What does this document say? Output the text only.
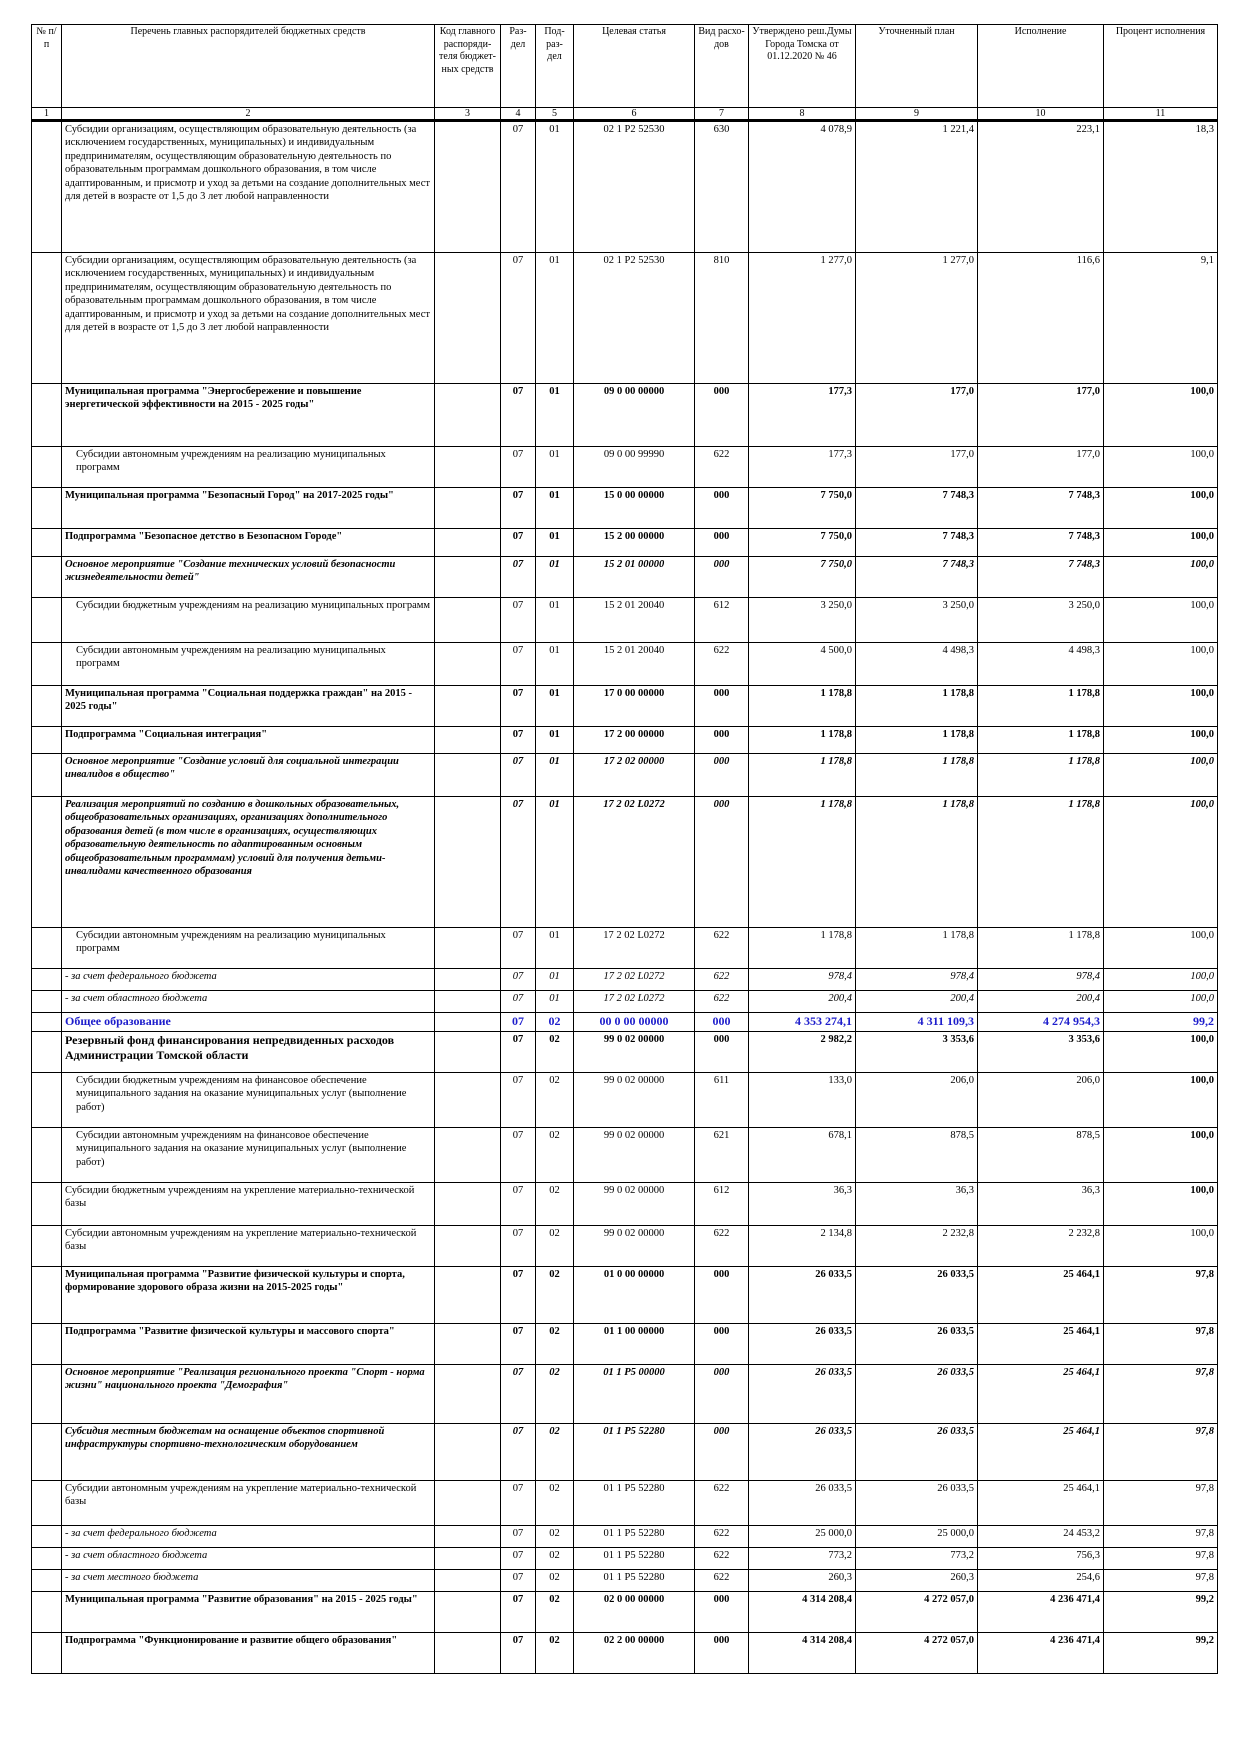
№ п/п	Перечень главных распорядителей бюджетных средств	Код главного распоряди-теля бюджет-ных средств	Раз-дел	Под-раз-дел	Целевая статья	Вид расхо-дов	Утверждено реш.Думы Города Томска от 01.12.2020 № 46	Уточненный план	Исполнение	Процент исполнения
1	2	3	4	5	6	7	8	9	10	11
	Субсидии организациям, осуществляющим образовательную деятельность (за исключением государственных, муниципальных) и индивидуальным предпринимателям, осуществляющим образовательную деятельность по образовательным программам дошкольного образования, в том числе адаптированным, и присмотр и уход за детьми на создание дополнительных мест для детей в возрасте от 1,5 до 3 лет любой направленности		07	01	02 1 P2 52530	630	4 078,9	1 221,4	223,1	18,3
	Субсидии организациям, осуществляющим образовательную деятельность (за исключением государственных, муниципальных) и индивидуальным предпринимателям, осуществляющим образовательную деятельность по образовательным программам дошкольного образования, в том числе адаптированным, и присмотр и уход за детьми на создание дополнительных мест для детей в возрасте от 1,5 до 3 лет любой направленности		07	01	02 1 P2 52530	810	1 277,0	1 277,0	116,6	9,1
	Муниципальная программа "Энергосбережение и повышение энергетической эффективности на 2015 - 2025 годы"		07	01	09 0 00 00000	000	177,3	177,0	177,0	100,0
	Субсидии автономным учреждениям на реализацию муниципальных программ		07	01	09 0 00 99990	622	177,3	177,0	177,0	100,0
	Муниципальная программа "Безопасный Город" на 2017-2025 годы"		07	01	15 0 00 00000	000	7 750,0	7 748,3	7 748,3	100,0
	Подпрограмма "Безопасное детство в Безопасном Городе"		07	01	15 2 00 00000	000	7 750,0	7 748,3	7 748,3	100,0
	Основное мероприятие "Создание технических условий безопасности жизнедеятельности детей"		07	01	15 2 01 00000	000	7 750,0	7 748,3	7 748,3	100,0
	Субсидии бюджетным учреждениям на реализацию муниципальных программ		07	01	15 2 01 20040	612	3 250,0	3 250,0	3 250,0	100,0
	Субсидии автономным учреждениям на реализацию муниципальных программ		07	01	15 2 01 20040	622	4 500,0	4 498,3	4 498,3	100,0
	Муниципальная программа "Социальная поддержка граждан" на 2015 - 2025 годы"		07	01	17 0 00 00000	000	1 178,8	1 178,8	1 178,8	100,0
	Подпрограмма "Социальная интеграция"		07	01	17 2 00 00000	000	1 178,8	1 178,8	1 178,8	100,0
	Основное мероприятие "Создание условий для социальной интеграции инвалидов в общество"		07	01	17 2 02 00000	000	1 178,8	1 178,8	1 178,8	100,0
	Реализация мероприятий по созданию в дошкольных образовательных, общеобразовательных организациях, организациях дополнительного образования детей (в том числе в организациях, осуществляющих образовательную деятельность по адаптированным основным общеобразовательным программам) условий для получения детьми-инвалидами качественного образования		07	01	17 2 02 L0272	000	1 178,8	1 178,8	1 178,8	100,0
	Субсидии автономным учреждениям на реализацию муниципальных программ		07	01	17 2 02 L0272	622	1 178,8	1 178,8	1 178,8	100,0
	- за счет федерального бюджета		07	01	17 2 02 L0272	622	978,4	978,4	978,4	100,0
	- за счет областного бюджета		07	01	17 2 02 L0272	622	200,4	200,4	200,4	100,0
	Общее образование		07	02	00 0 00 00000	000	4 353 274,1	4 311 109,3	4 274 954,3	99,2
	Резервный фонд финансирования непредвиденных расходов Администрации Томской области		07	02	99 0 02 00000	000	2 982,2	3 353,6	3 353,6	100,0
	Субсидии бюджетным учреждениям на финансовое обеспечение муниципального задания на оказание муниципальных услуг (выполнение работ)		07	02	99 0 02 00000	611	133,0	206,0	206,0	100,0
	Субсидии автономным учреждениям на финансовое обеспечение муниципального задания на оказание муниципальных услуг (выполнение работ)		07	02	99 0 02 00000	621	678,1	878,5	878,5	100,0
	Субсидии бюджетным учреждениям на укрепление материально-технической базы		07	02	99 0 02 00000	612	36,3	36,3	36,3	100,0
	Субсидии автономным учреждениям на укрепление материально-технической базы		07	02	99 0 02 00000	622	2 134,8	2 232,8	2 232,8	100,0
	Муниципальная программа "Развитие физической культуры и спорта, формирование здорового образа жизни на 2015-2025 годы"		07	02	01 0 00 00000	000	26 033,5	26 033,5	25 464,1	97,8
	Подпрограмма "Развитие физической культуры и массового спорта"		07	02	01 1 00 00000	000	26 033,5	26 033,5	25 464,1	97,8
	Основное мероприятие "Реализация регионального проекта "Спорт - норма жизни" национального проекта "Демография"		07	02	01 1 P5 00000	000	26 033,5	26 033,5	25 464,1	97,8
	Субсидия местным бюджетам на оснащение объектов спортивной инфраструктуры спортивно-технологическим оборудованием		07	02	01 1 P5 52280	000	26 033,5	26 033,5	25 464,1	97,8
	Субсидии автономным учреждениям на укрепление материально-технической базы		07	02	01 1 P5 52280	622	26 033,5	26 033,5	25 464,1	97,8
	- за счет федерального бюджета		07	02	01 1 P5 52280	622	25 000,0	25 000,0	24 453,2	97,8
	- за счет областного бюджета		07	02	01 1 P5 52280	622	773,2	773,2	756,3	97,8
	- за счет местного бюджета		07	02	01 1 P5 52280	622	260,3	260,3	254,6	97,8
	Муниципальная программа "Развитие образования" на 2015 - 2025 годы"		07	02	02 0 00 00000	000	4 314 208,4	4 272 057,0	4 236 471,4	99,2
	Подпрограмма "Функционирование и развитие общего образования"		07	02	02 2 00 00000	000	4 314 208,4	4 272 057,0	4 236 471,4	99,2
